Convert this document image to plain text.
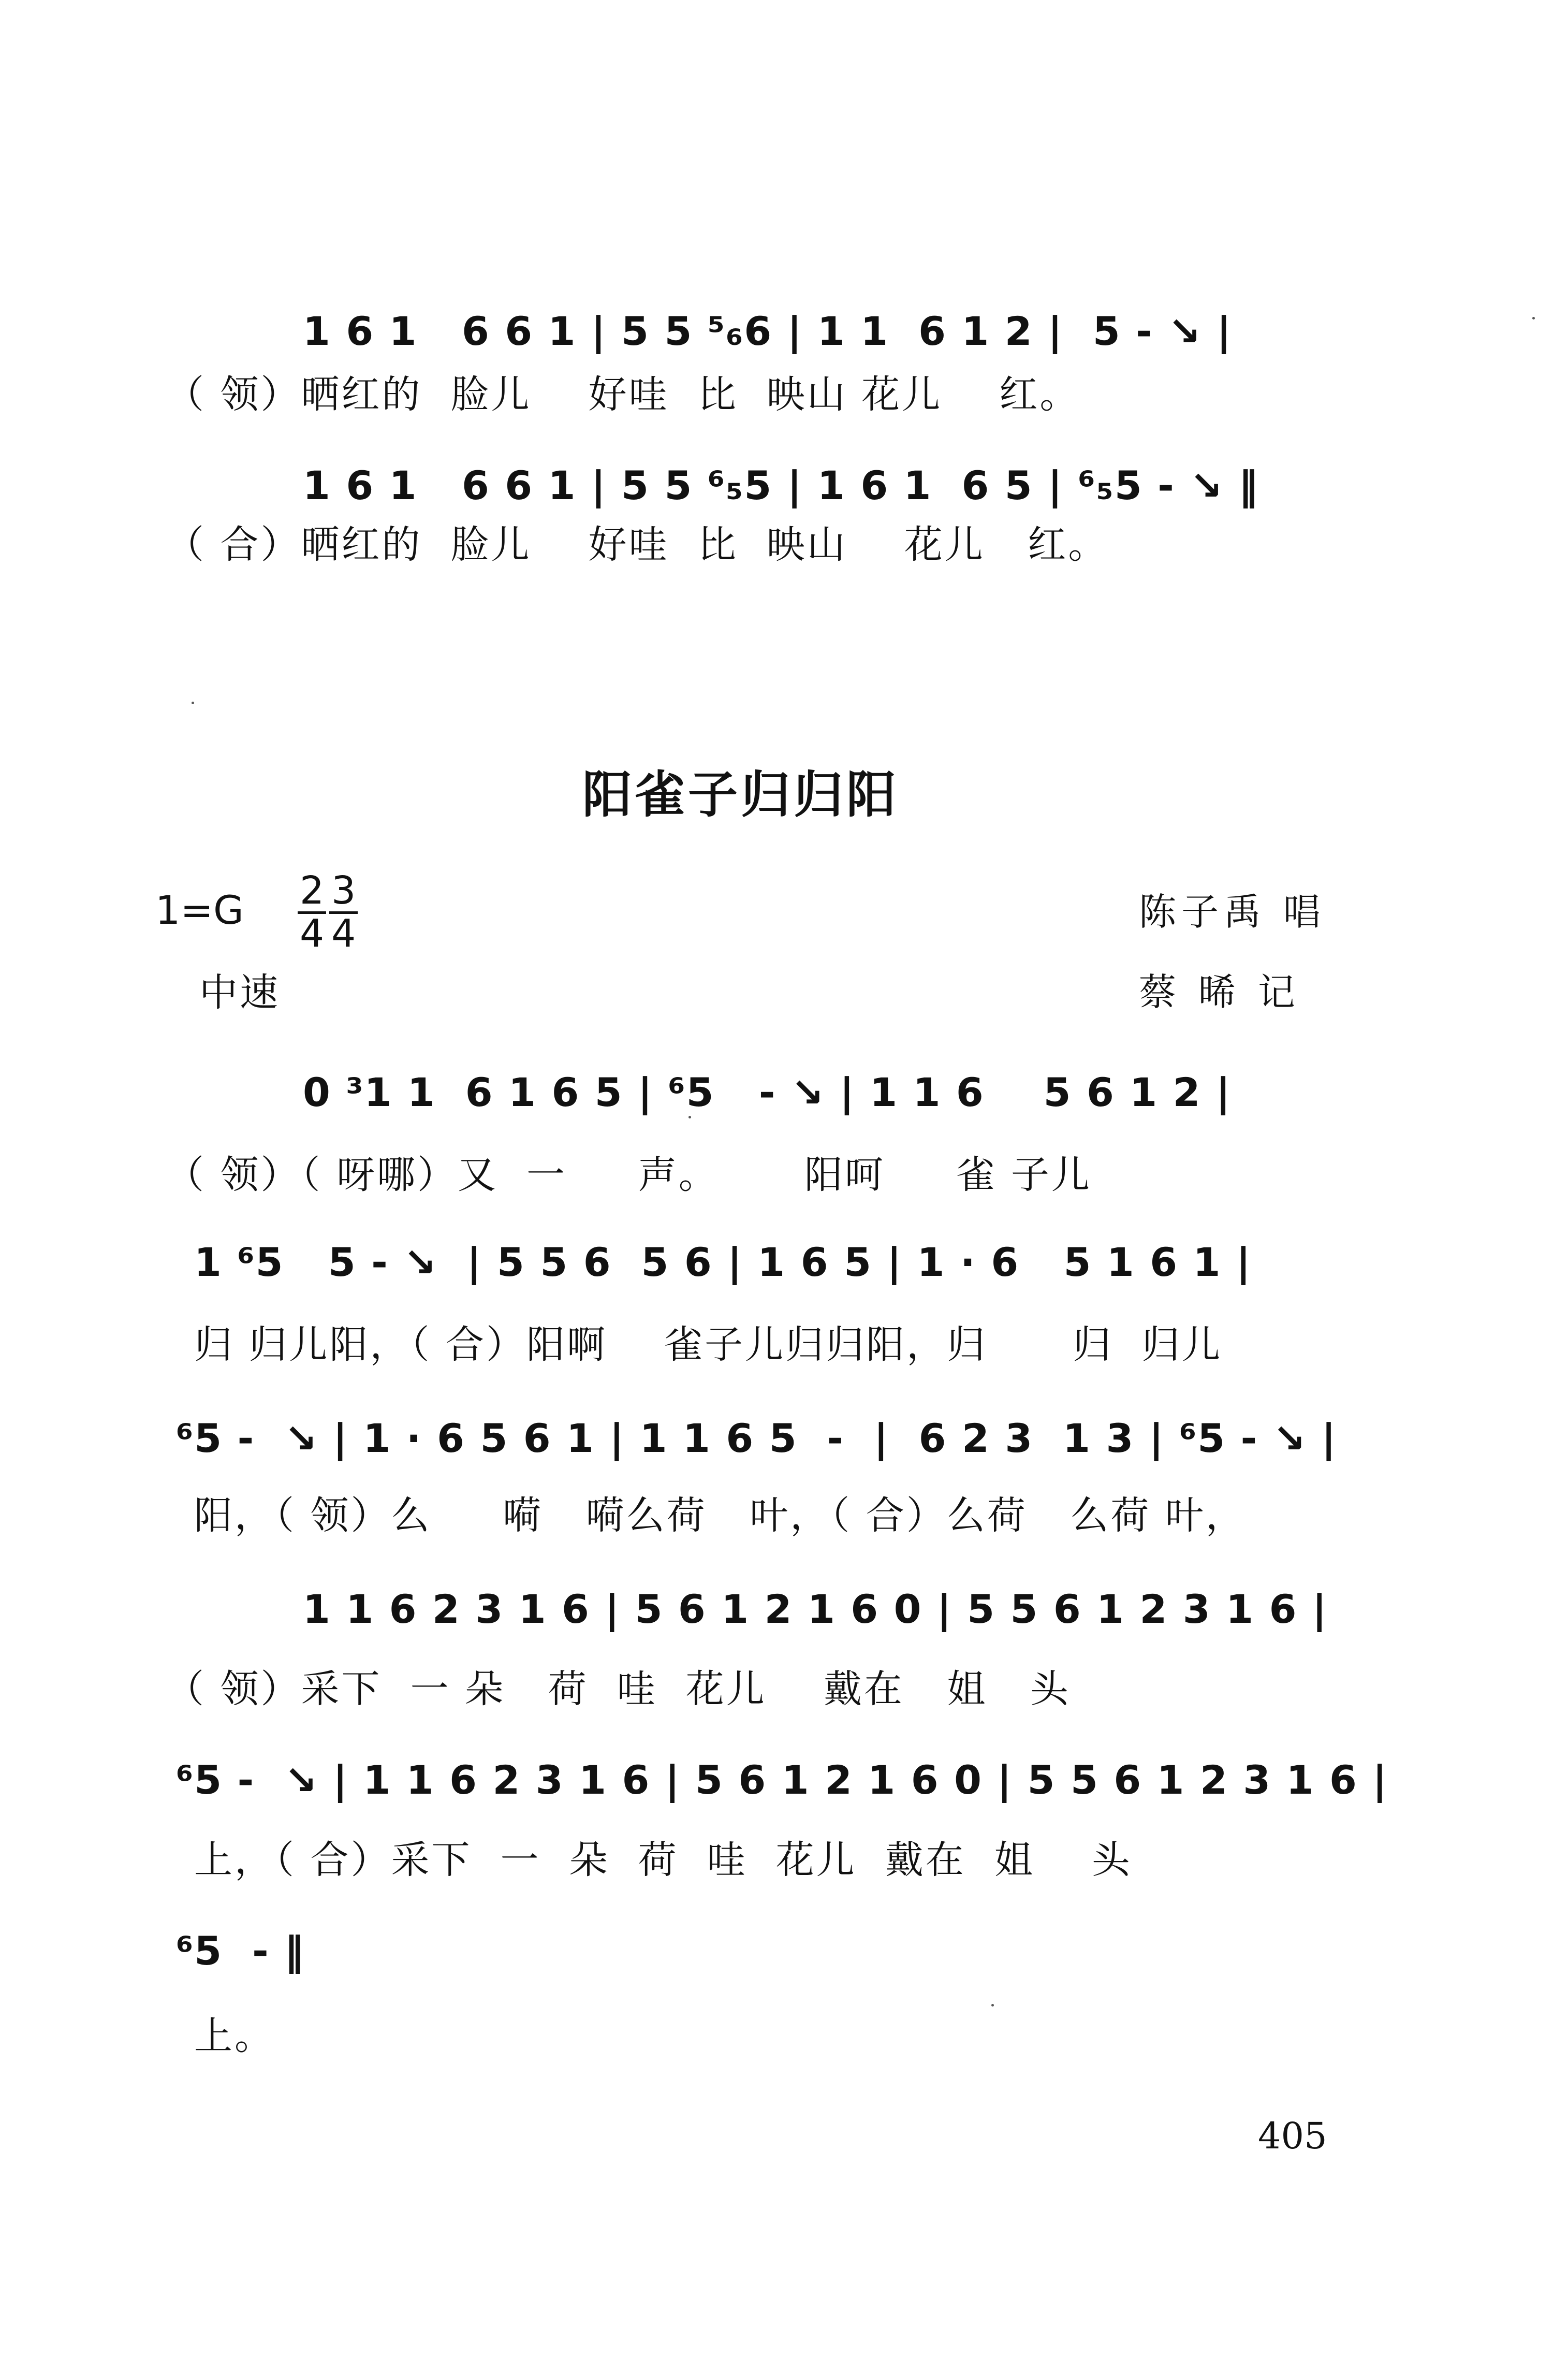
1 6 1   6 6 1 | 5 5 ⁵₆6 | 1 1  6 1 2 |  5 - ↘ |
（ 领）晒红的  脸儿    好哇  比  映山 花儿    红。
1 6 1   6 6 1 | 5 5 ⁶₅5 | 1 6 1  6 5 | ⁶₅5 - ↘ ‖
（ 合）晒红的  脸儿    好哇  比  映山    花儿   红。
阳雀子归归阳
$1=G \frac{2}{4} \frac{3}{4}$	陈子禹 唱
中速	蔡 晞 记
0 ³1 1  6 1 6 5 | ⁶5   - ↘ | 1 1 6    5 6 1 2 |
（ 领）（ 呀哪）又  一     声。      阳呵     雀 子儿
1 ⁶5   5 - ↘  | 5 5 6  5 6 | 1 6 5 | 1 · 6   5 1 6 1 |
归 归儿阳，（ 合）阳啊    雀子儿归归阳，归      归  归儿
⁶5 -  ↘ | 1 · 6 5 6 1 | 1 1 6 5  -  |  6 2 3  1 3 | ⁶5 - ↘ |
阳，（ 领）么     嗬   嗬么荷   叶，（ 合）么荷   么荷 叶，
1 1 6 2 3 1 6 | 5 6 1 2 1 6 0 | 5 5 6 1 2 3 1 6 |
（ 领）采下  一 朵   荷  哇  花儿    戴在   姐   头
⁶5 -  ↘ | 1 1 6 2 3 1 6 | 5 6 1 2 1 6 0 | 5 5 6 1 2 3 1 6 |
上，（ 合）采下  一  朵  荷  哇  花儿  戴在  姐    头
⁶5  - ‖
上。
405
